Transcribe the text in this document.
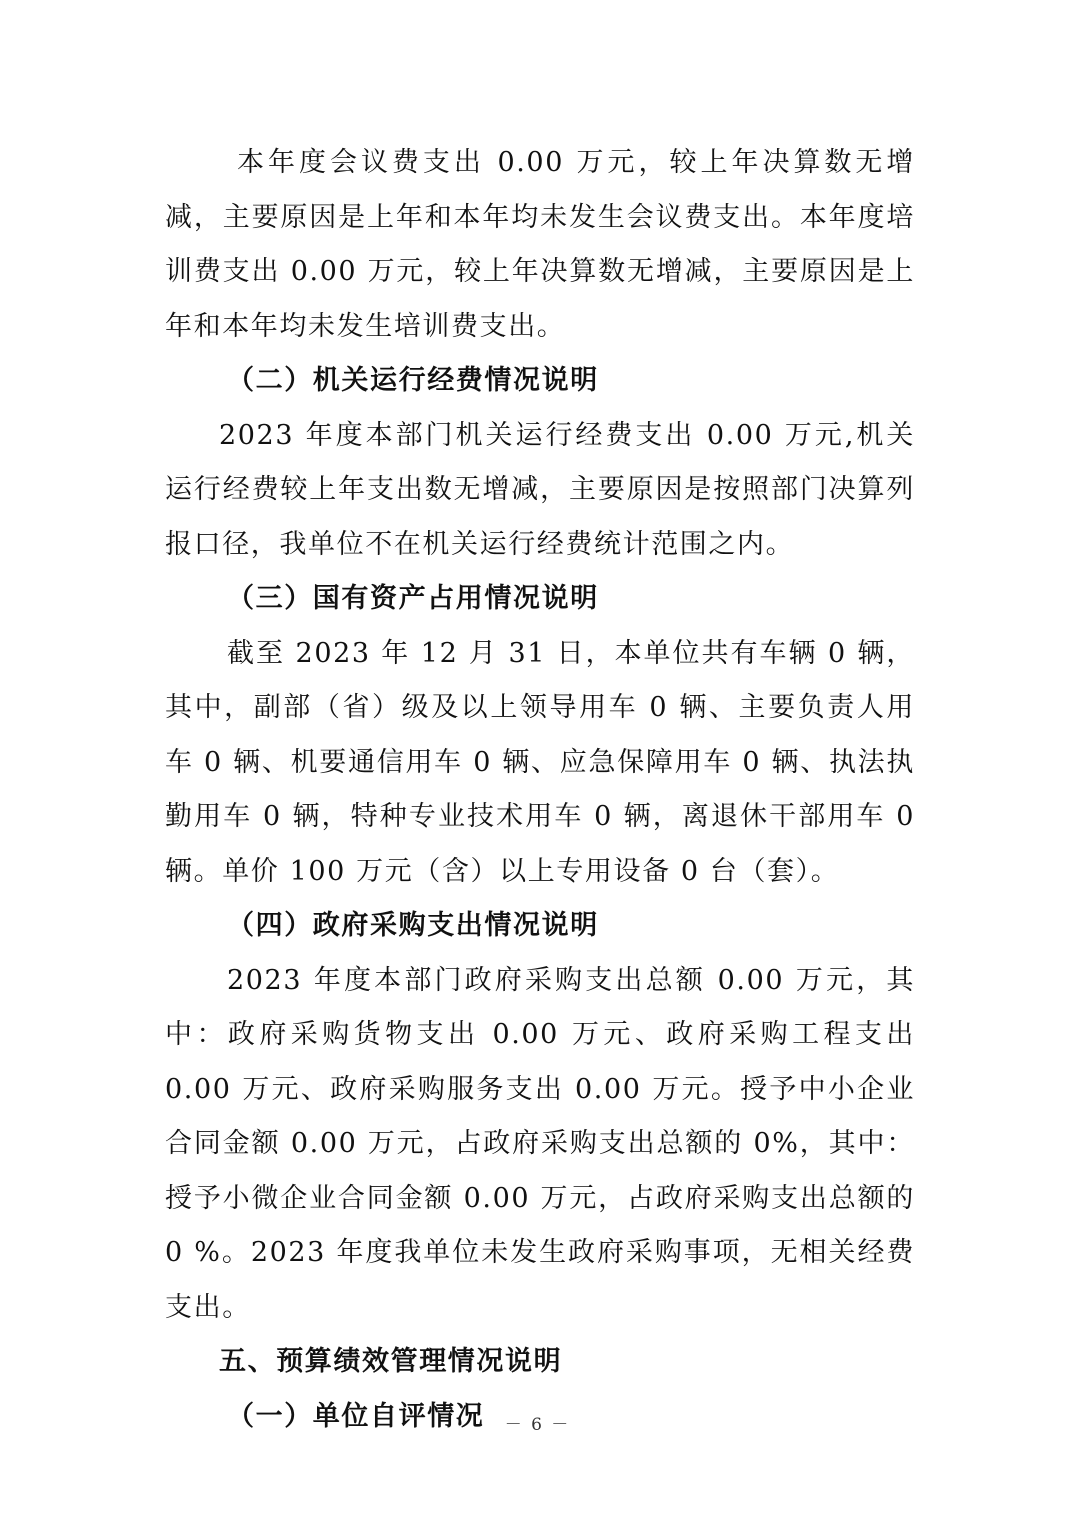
本年度会议费支出 0.00 万元，较上年决算数无增减，主要原因是上年和本年均未发生会议费支出。本年度培训费支出 0.00 万元，较上年决算数无增减，主要原因是上年和本年均未发生培训费支出。

（二）机关运行经费情况说明

2023 年度本部门机关运行经费支出 0.00 万元,机关运行经费较上年支出数无增减，主要原因是按照部门决算列报口径，我单位不在机关运行经费统计范围之内。

（三）国有资产占用情况说明

截至 2023 年 12 月 31 日，本单位共有车辆 0 辆，其中，副部（省）级及以上领导用车 0 辆、主要负责人用车 0 辆、机要通信用车 0 辆、应急保障用车 0 辆、执法执勤用车 0 辆，特种专业技术用车 0 辆，离退休干部用车 0 辆。单价 100 万元（含）以上专用设备 0 台（套）。

（四）政府采购支出情况说明

2023 年度本部门政府采购支出总额 0.00 万元，其中：政府采购货物支出 0.00 万元、政府采购工程支出 0.00 万元、政府采购服务支出 0.00 万元。授予中小企业合同金额 0.00 万元，占政府采购支出总额的 0%，其中：授予小微企业合同金额 0.00 万元，占政府采购支出总额的 0 %。2023 年度我单位未发生政府采购事项，无相关经费支出。

五、预算绩效管理情况说明

（一）单位自评情况	－ 6 －
